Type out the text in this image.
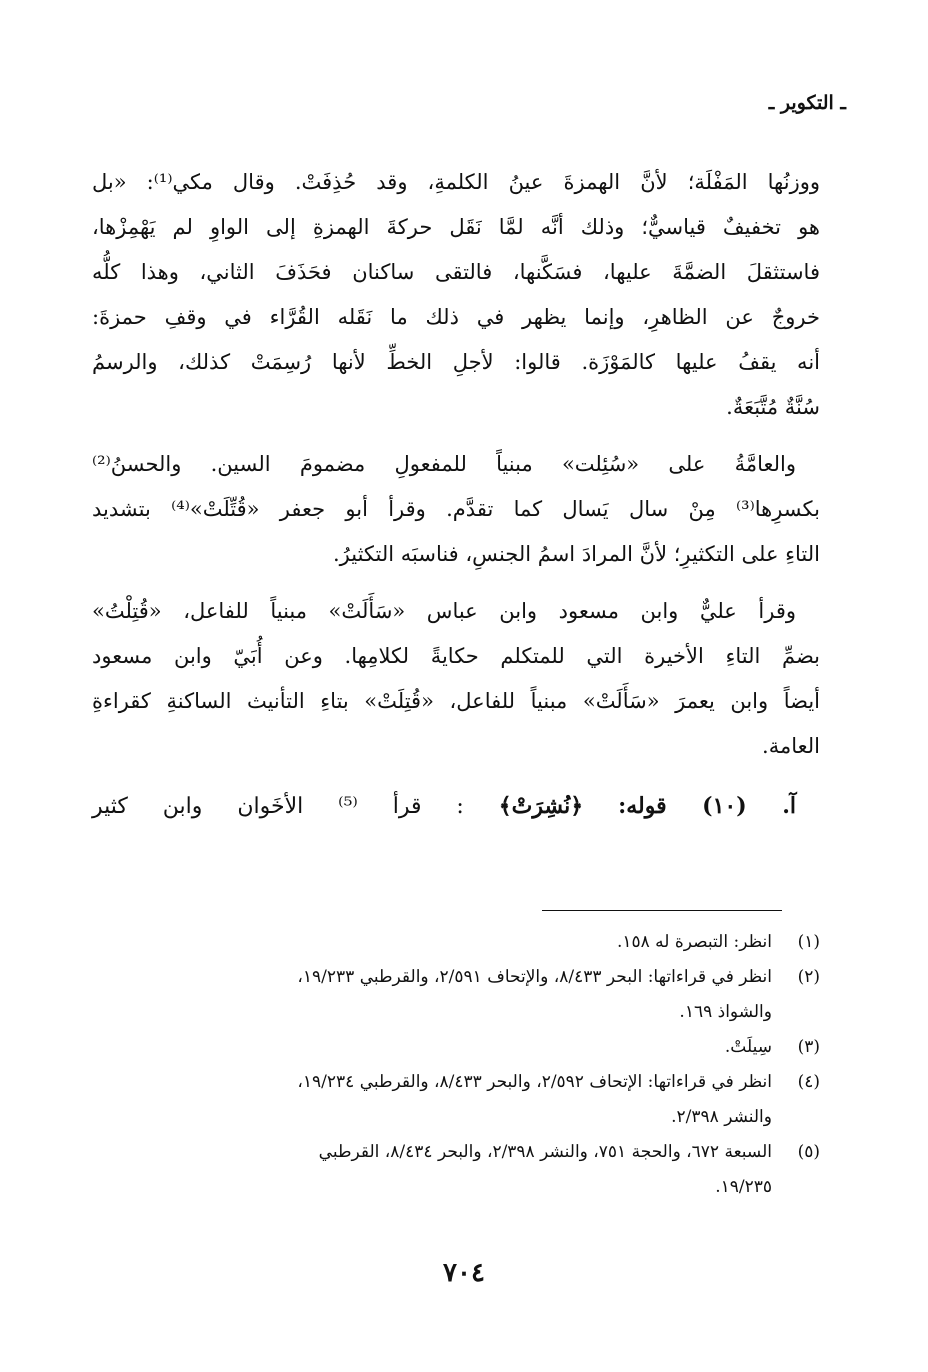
ـ التكوير ـ
ووزنُها المَفْلَة؛ لأنَّ الهمزةَ عينُ الكلمةِ، وقد حُذِفَتْ. وقال مكي⁽¹⁾: «بل
هو تخفيفٌ قياسيٌّ؛ وذلك أنَّه لمَّا نَقَل حركةَ الهمزةِ إلى الواوِ لم يَهْمِزْها،
فاستثقلَ الضمَّةَ عليها، فسَكَّنها، فالتقى ساكنان فحَذَفَ الثاني، وهذا كلُّه
خروجٌ عن الظاهرِ، وإنما يظهر في ذلك ما نَقَله القُرَّاء في وقفِ حمزةَ:
أنه يقفُ عليها كالمَوْزَة. قالوا: لأجلِ الخطِّ لأنها رُسِمَتْ كذلك، والرسمُ
سُنَّةٌ مُتَّبَعَةٌ.
والعامَّةُ على «سُئِلت» مبنياً للمفعولِ مضمومَ السين. والحسنُ⁽²⁾
بكسرِها⁽³⁾ مِنْ سال يَسال كما تقدَّم. وقرأ أبو جعفر «قُتِّلَتْ»⁽⁴⁾ بتشديد
التاءِ على التكثيرِ؛ لأنَّ المرادَ اسمُ الجنسِ، فناسبَه التكثيرُ.
وقرأ عليٌّ وابن مسعود وابن عباس «سَأَلَتْ» مبنياً للفاعل، «قُتِلْتُ»
بضمِّ التاءِ الأخيرة التي للمتكلم حكايةً لكلامِها. وعن أُبَيّ وابن مسعود
أيضاً وابن يعمرَ «سَأَلَتْ» مبنياً للفاعل، «قُتِلَتْ» بتاءِ التأنيث الساكنةِ كقراءةِ
العامة.
آ. (١٠) قوله: ﴿نُشِرَتْ﴾ : قرأ ⁽⁵⁾ الأخَوان وابن كثير
(١)
انظر: التبصرة له ١٥٨.
(٢)
انظر في قراءاتها: البحر ٨/٤٣٣، والإتحاف ٢/٥٩١، والقرطبي ١٩/٢٣٣،
والشواذ ١٦٩.
(٣)
سِيلَتْ.
(٤)
انظر في قراءاتها: الإتحاف ٢/٥٩٢، والبحر ٨/٤٣٣، والقرطبي ١٩/٢٣٤،
والنشر ٢/٣٩٨.
(٥)
السبعة ٦٧٢، والحجة ٧٥١، والنشر ٢/٣٩٨، والبحر ٨/٤٣٤، القرطبي
١٩/٢٣٥.
٧٠٤
